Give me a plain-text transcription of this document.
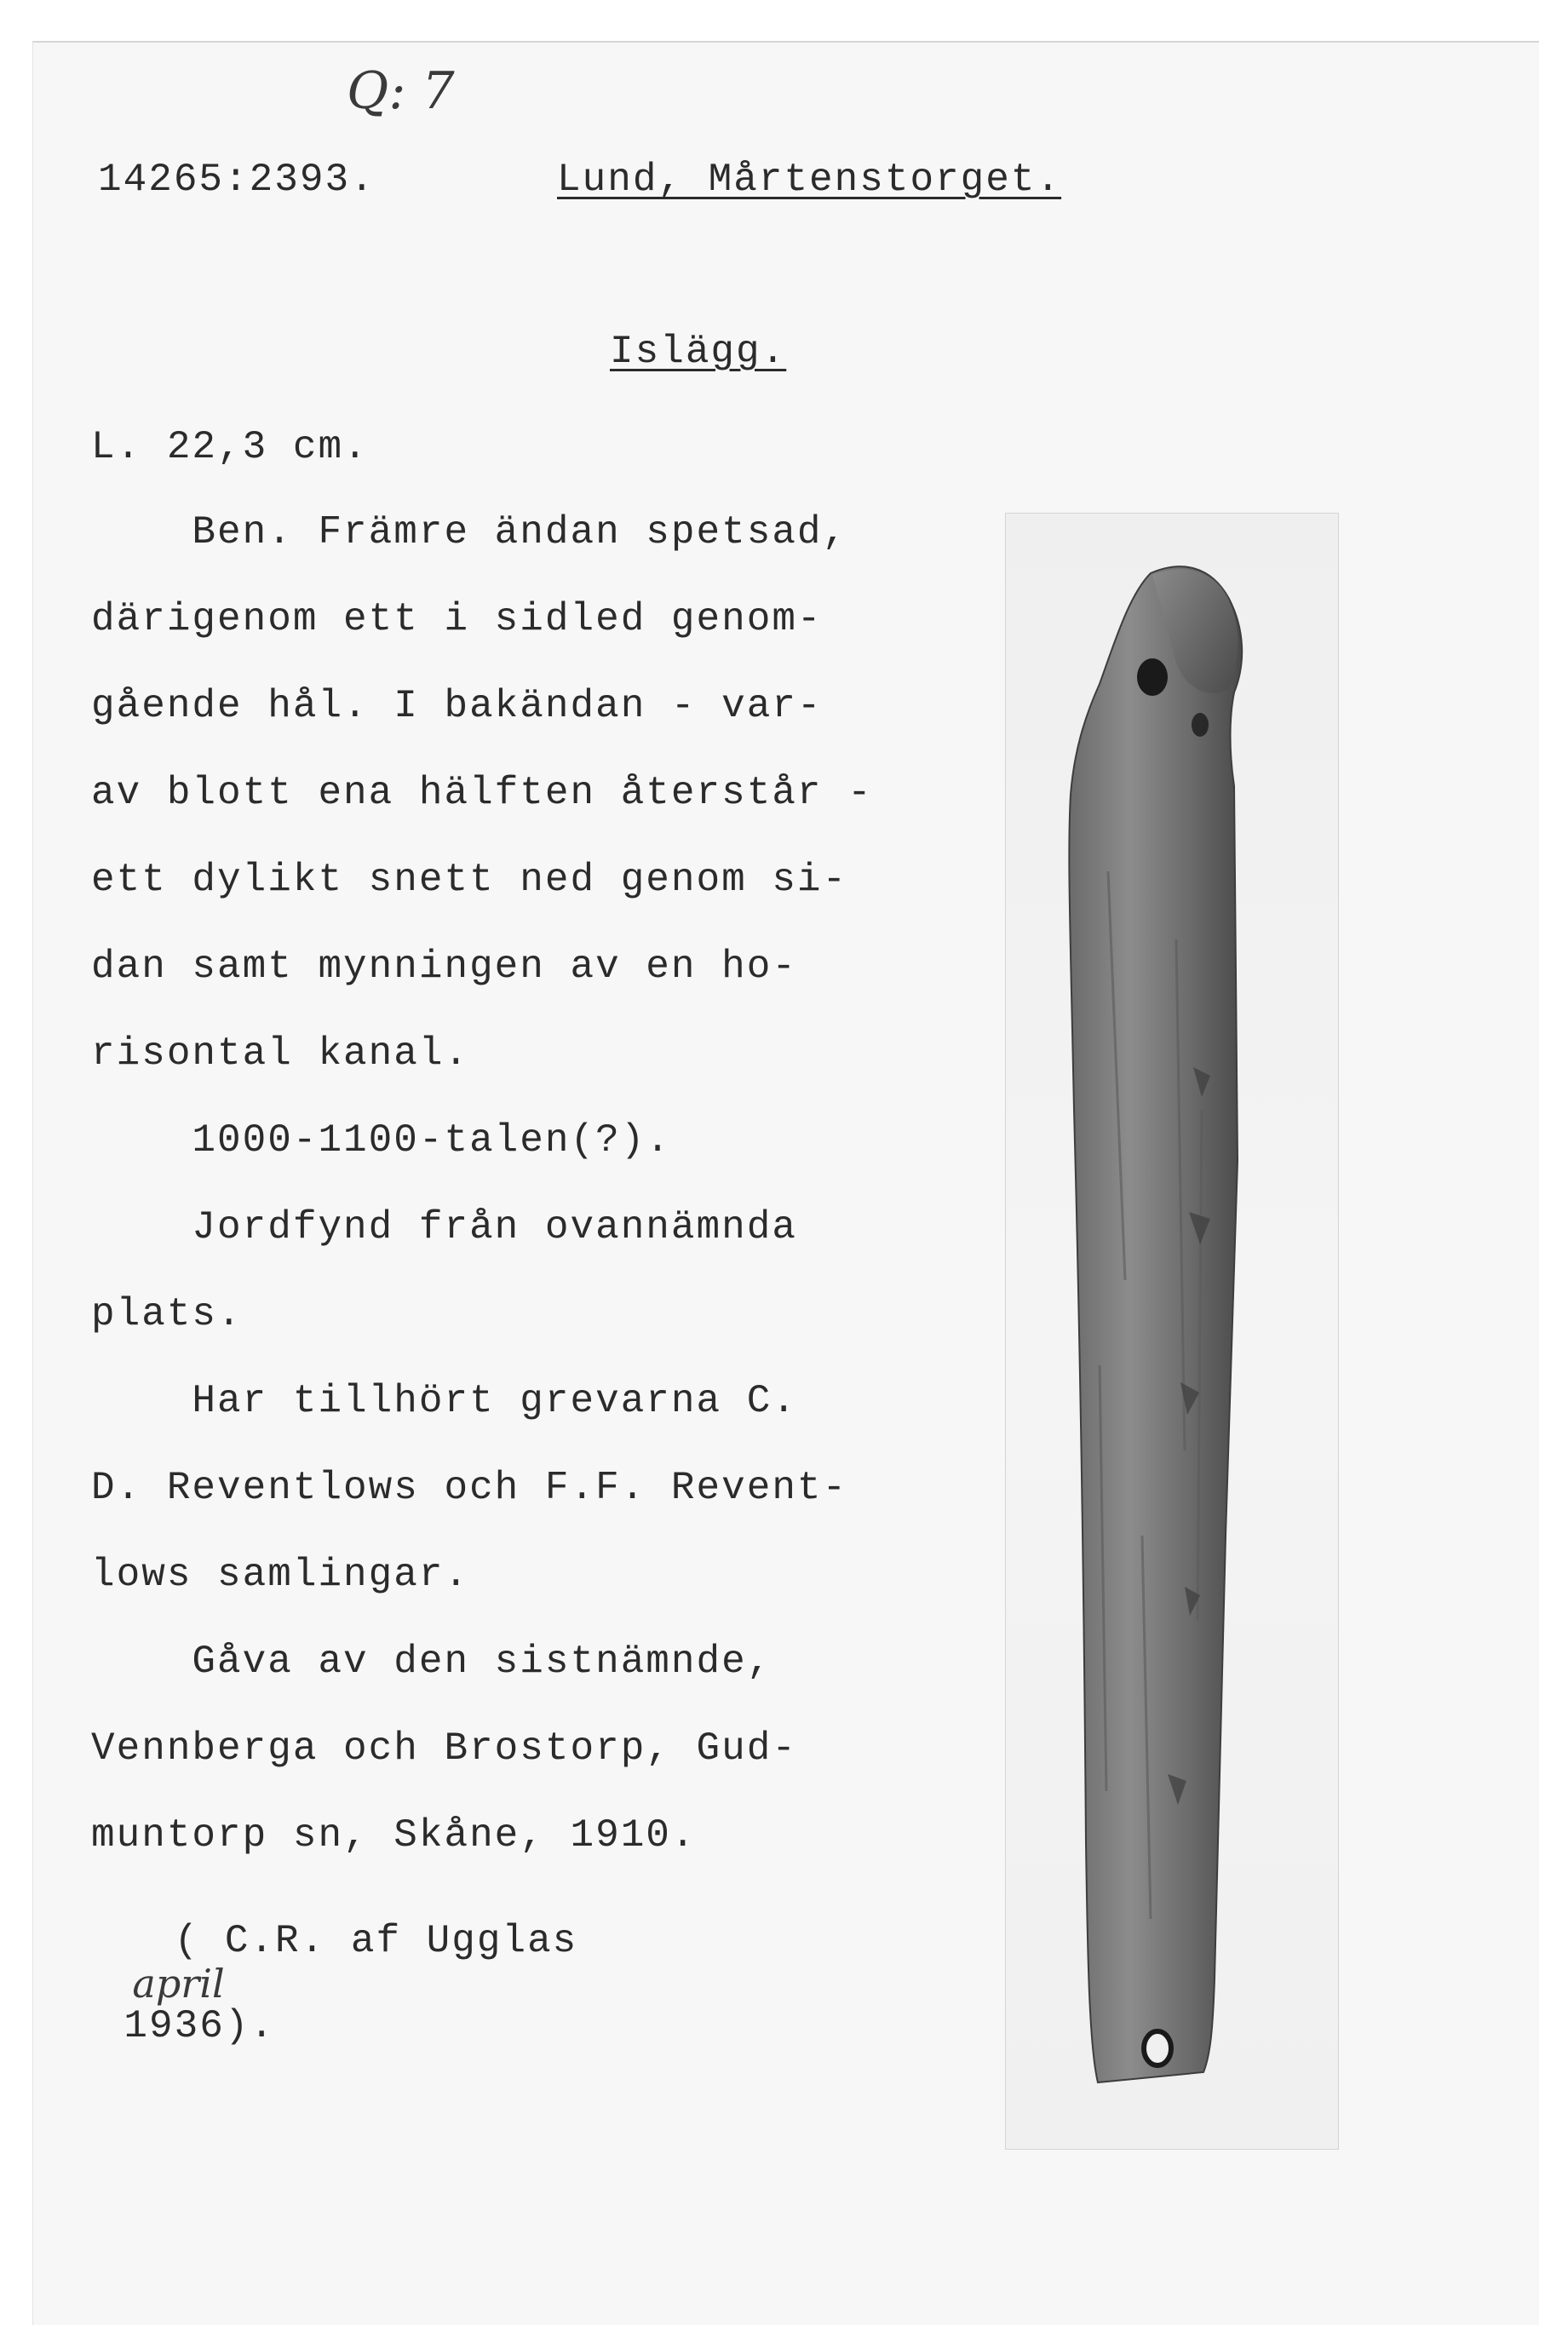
Q: 7
14265:2393.	Lund, Mårtenstorget.
Islägg.
L. 22,3 cm.
Ben. Främre ändan spetsad,
därigenom ett i sidled genom-
gående hål. I bakändan - var-
av blott ena hälften återstår -
ett dylikt snett ned genom si-
dan samt mynningen av en ho-
risontal kanal.
1000-1100-talen(?).
Jordfynd från ovannämnda
plats.
Har tillhört grevarna C.
D. Reventlows och F.F. Revent-
lows samlingar.
Gåva av den sistnämnde,
Vennberga och Brostorp, Gud-
muntorp sn, Skåne, 1910.

( C.R. af Ugglas
april
1936).
